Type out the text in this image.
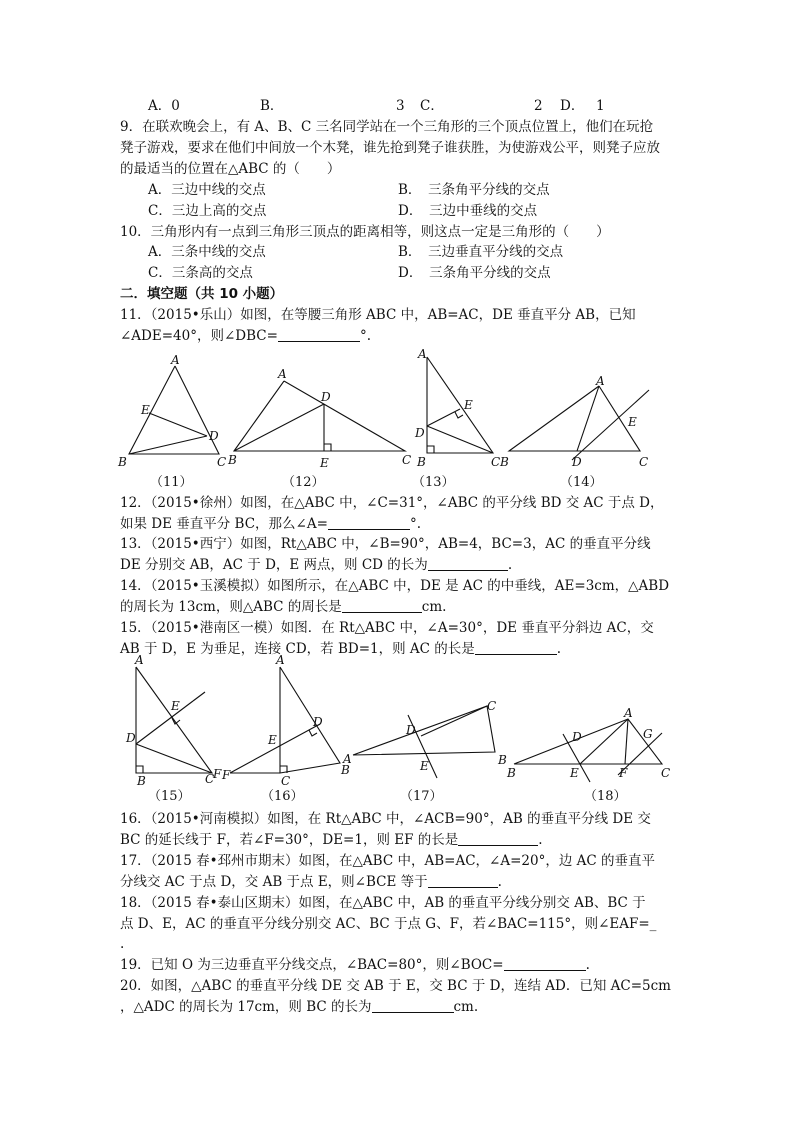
A．0	B．	3 C．	2 D． 1
9．在联欢晚会上，有 A、B、C 三名同学站在一个三角形的三个顶点位置上，他们在玩抢
凳子游戏，要求在他们中间放一个木凳，谁先抢到凳子谁获胜，为使游戏公平，则凳子应放
的最适当的位置在△ABC 的（　　）
A．三边中线的交点	B．　三条角平分线的交点
C．三边上高的交点	D．　三边中垂线的交点
10．三角形内有一点到三角形三顶点的距离相等，则这点一定是三角形的（　　）
A．三条中线的交点	B．　三边垂直平分线的交点
C．三条高的交点	D．　三条角平分线的交点
二．填空题（共 10 小题）
11．（2015•乐山）如图，在等腰三角形 ABC 中，AB=AC，DE 垂直平分 AB，已知
∠ADE=40°，则∠DBC=	°.
A
E
D
B	C
A
D
B	E	C
A
E
D
B	C
A
E
B	D	C
A
E
D
B	C
F
A
D
E
F	C
B
C
D
A	B
E
A
D	G
B	E	F	C
（11）	（12）	（13）	（14）
（15）	（16）	（17）	（18）
12．（2015•徐州）如图，在△ABC 中，∠C=31°，∠ABC 的平分线 BD 交 AC 于点 D，
如果 DE 垂直平分 BC，那么∠A=	°.
13．（2015•西宁）如图，Rt△ABC 中，∠B=90°，AB=4，BC=3，AC 的垂直平分线
DE 分别交 AB，AC 于 D，E 两点，则 CD 的长为	.
14．（2015•玉溪模拟）如图所示，在△ABC 中，DE 是 AC 的中垂线，AE=3cm，△ABD
的周长为 13cm，则△ABC 的周长是	cm.
15．（2015•港南区一模）如图．在 Rt△ABC 中，∠A=30°，DE 垂直平分斜边 AC，交
AB 于 D，E 为垂足，连接 CD，若 BD=1，则 AC 的长是	.
16．（2015•河南模拟）如图，在 Rt△ABC 中，∠ACB=90°，AB 的垂直平分线 DE 交
BC 的延长线于 F，若∠F=30°，DE=1，则 EF 的长是	.
17．（2015 春•邳州市期末）如图，在△ABC 中，AB=AC，∠A=20°，边 AC 的垂直平
分线交 AC 于点 D，交 AB 于点 E，则∠BCE 等于	.
18．（2015 春•泰山区期末）如图，在△ABC 中，AB 的垂直平分线分别交 AB、BC 于
点 D、E，AC 的垂直平分线分别交 AC、BC 于点 G、F，若∠BAC=115°，则∠EAF=_
.
19．已知 O 为三边垂直平分线交点，∠BAC=80°，则∠BOC=	.
20．如图，△ABC 的垂直平分线 DE 交 AB 于 E，交 BC 于 D，连结 AD．已知 AC=5cm
，△ADC 的周长为 17cm，则 BC 的长为	cm.
